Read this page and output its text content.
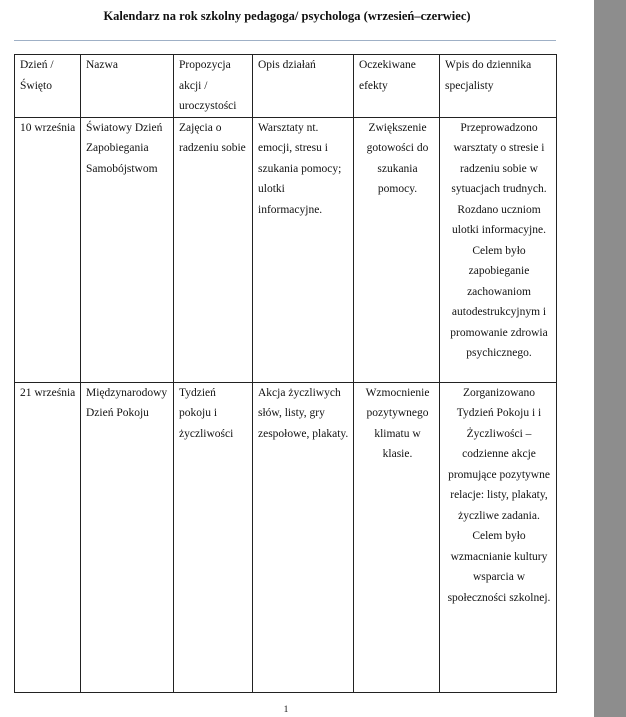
Kalendarz na rok szkolny pedagoga/ psychologa (wrzesień–czerwiec)
Dzień / Święto	Nazwa	Propozycja akcji / uroczystości	Opis działań	Oczekiwane efekty	Wpis do dziennika specjalisty
10 września	Światowy Dzień Zapobiegania Samobójstwom	Zajęcia o radzeniu sobie	Warsztaty nt. emocji, stresu i szukania pomocy; ulotki informacyjne.	Zwiększenie gotowości do szukania pomocy.	Przeprowadzono warsztaty o stresie i radzeniu sobie w sytuacjach trudnych. Rozdano uczniom ulotki informacyjne. Celem było zapobieganie zachowaniom autodestrukcyjnym i promowanie zdrowia psychicznego.
21 września	Międzynarodowy Dzień Pokoju	Tydzień pokoju i życzliwości	Akcja życzliwych słów, listy, gry zespołowe, plakaty.	Wzmocnienie pozytywnego klimatu w klasie.	Zorganizowano Tydzień Pokoju i i Życzliwości – codzienne akcje promujące pozytywne relacje: listy, plakaty, życzliwe zadania. Celem było wzmacnianie kultury wsparcia w społeczności szkolnej.
1
